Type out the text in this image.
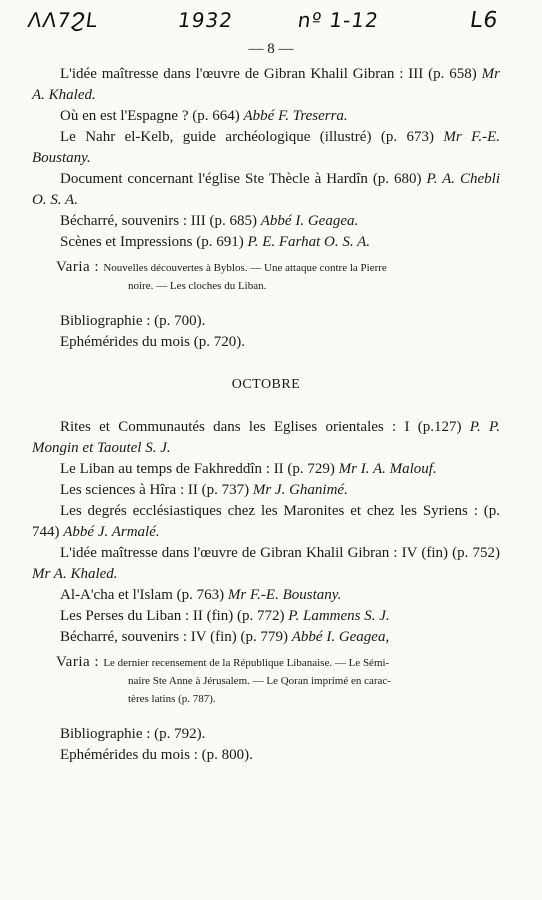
ΛΛ7ϨL	1932	nº 1-12	L6
— 8 —

L'idée maîtresse dans l'œuvre de Gibran Khalil Gibran : III (p. 658) Mr A. Khaled.

Où en est l'Espagne ? (p. 664) Abbé F. Treserra.

Le Nahr el-Kelb, guide archéologique (illustré) (p. 673) Mr F.-E. Boustany.

Document concernant l'église Ste Thècle à Hardîn (p. 680) P. A. Chebli O. S. A.

Bécharré, souvenirs : III (p. 685) Abbé I. Geagea.

Scènes et Impressions (p. 691) P. E. Farhat O. S. A.

Varia : Nouvelles découvertes à Byblos. — Une attaque contre la Pierre
noire. — Les cloches du Liban.

Bibliographie : (p. 700).

Ephémérides du mois (p. 720).

OCTOBRE

Rites et Communautés dans les Eglises orientales : I (p.127) P. P. Mongin et Taoutel S. J.

Le Liban au temps de Fakhreddîn : II (p. 729) Mr I. A. Malouf.

Les sciences à Hîra : II (p. 737) Mr J. Ghanimé.

Les degrés ecclésiastiques chez les Maronites et chez les Syriens : (p. 744) Abbé J. Armalé.

L'idée maîtresse dans l'œuvre de Gibran Khalil Gibran : IV (fin) (p. 752) Mr A. Khaled.

Al-A'cha et l'Islam (p. 763) Mr F.-E. Boustany.

Les Perses du Liban : II (fin) (p. 772) P. Lammens S. J.

Bécharré, souvenirs : IV (fin) (p. 779) Abbé I. Geagea,

Varia : Le dernier recensement de la République Libanaise. — Le Sémi-
naire Ste Anne à Jérusalem. — Le Qoran imprimé en carac-
tères latins (p. 787).

Bibliographie : (p. 792).

Ephémérides du mois : (p. 800).
